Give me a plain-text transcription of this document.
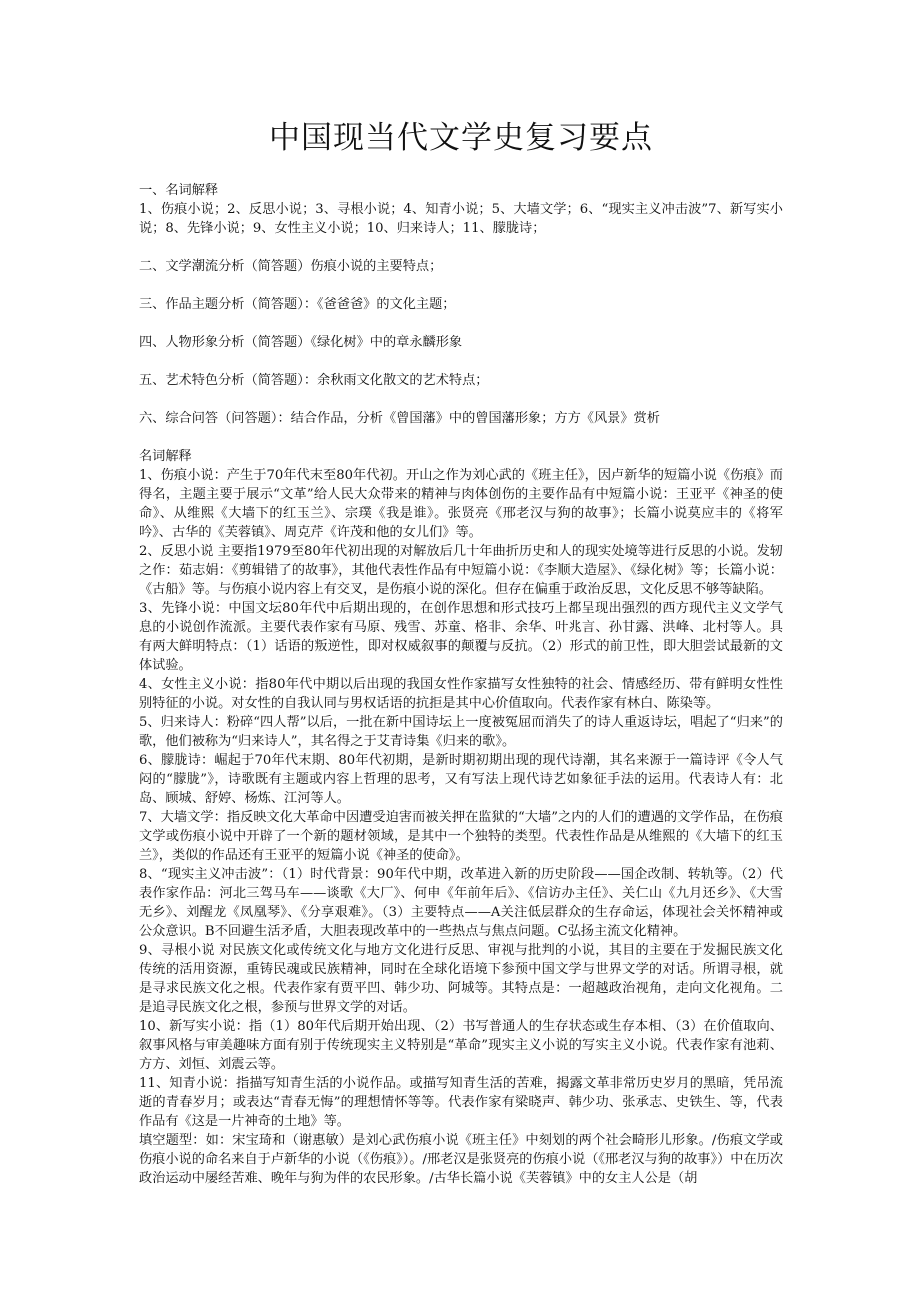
中国现当代文学史复习要点

一、名词解释

1、伤痕小说；2、反思小说；3、寻根小说；4、知青小说；5、大墙文学；6、“现实主义冲击波”7、新写实小说；8、先锋小说；9、女性主义小说；10、归来诗人；11、朦胧诗；

二、文学潮流分析（简答题）伤痕小说的主要特点；

三、作品主题分析（简答题）：《爸爸爸》的文化主题；

四、人物形象分析（简答题）《绿化树》中的章永麟形象

五、艺术特色分析（简答题）：余秋雨文化散文的艺术特点；

六、综合问答（问答题）：结合作品，分析《曾国藩》中的曾国藩形象；方方《风景》赏析

名词解释

1、伤痕小说：产生于70年代末至80年代初。开山之作为刘心武的《班主任》，因卢新华的短篇小说《伤痕》而得名，主题主要于展示“文革”给人民大众带来的精神与肉体创伤的主要作品有中短篇小说：王亚平《神圣的使命》、从维熙《大墙下的红玉兰》、宗璞《我是谁》。张贤亮《邢老汉与狗的故事》；长篇小说莫应丰的《将军吟》、古华的《芙蓉镇》、周克芹《许茂和他的女儿们》等。

2、反思小说 主要指1979至80年代初出现的对解放后几十年曲折历史和人的现实处境等进行反思的小说。发轫之作：茹志娟：《剪辑错了的故事》，其他代表性作品有中短篇小说：《李顺大造屋》、《绿化树》等；长篇小说：《古船》等。与伤痕小说内容上有交叉，是伤痕小说的深化。但存在偏重于政治反思，文化反思不够等缺陷。

3、先锋小说：中国文坛80年代中后期出现的，在创作思想和形式技巧上都呈现出强烈的西方现代主义文学气息的小说创作流派。主要代表作家有马原、残雪、苏童、格非、余华、叶兆言、孙甘露、洪峰、北村等人。具有两大鲜明特点：（1）话语的叛逆性，即对权威叙事的颠覆与反抗。（2）形式的前卫性，即大胆尝试最新的文体试验。

4、女性主义小说：指80年代中期以后出现的我国女性作家描写女性独特的社会、情感经历、带有鲜明女性性别特征的小说。对女性的自我认同与男权话语的抗拒是其中心价值取向。代表作家有林白、陈染等。

5、归来诗人：粉碎“四人帮”以后，一批在新中国诗坛上一度被冤屈而消失了的诗人重返诗坛，唱起了“归来”的歌，他们被称为“归来诗人”，其名得之于艾青诗集《归来的歌》。

6、朦胧诗：崛起于70年代末期、80年代初期，是新时期初期出现的现代诗潮，其名来源于一篇诗评《令人气闷的“朦胧”》，诗歌既有主题或内容上哲理的思考，又有写法上现代诗艺如象征手法的运用。代表诗人有：北岛、顾城、舒婷、杨炼、江河等人。

7、大墙文学：指反映文化大革命中因遭受迫害而被关押在监狱的“大墙”之内的人们的遭遇的文学作品，在伤痕文学或伤痕小说中开辟了一个新的题材领域，是其中一个独特的类型。代表性作品是从维熙的《大墙下的红玉兰》，类似的作品还有王亚平的短篇小说《神圣的使命》。

8、“现实主义冲击波”：（1）时代背景：90年代中期，改革进入新的历史阶段——国企改制、转轨等。（2）代表作家作品：河北三驾马车——谈歌《大厂》、何申《年前年后》、《信访办主任》、关仁山《九月还乡》、《大雪无乡》、刘醒龙《凤凰琴》、《分享艰难》。（3）主要特点——A关注低层群众的生存命运，体现社会关怀精神或公众意识。B不回避生活矛盾，大胆表现改革中的一些热点与焦点问题。C弘扬主流文化精神。

9、寻根小说 对民族文化或传统文化与地方文化进行反思、审视与批判的小说，其目的主要在于发掘民族文化传统的活用资源，重铸民魂或民族精神，同时在全球化语境下参预中国文学与世界文学的对话。所谓寻根，就是寻求民族文化之根。代表作家有贾平凹、韩少功、阿城等。其特点是：一超越政治视角，走向文化视角。二是追寻民族文化之根，参预与世界文学的对话。

10、新写实小说：指（1）80年代后期开始出现、（2）书写普通人的生存状态或生存本相、（3）在价值取向、叙事风格与审美趣味方面有别于传统现实主义特别是“革命”现实主义小说的写实主义小说。代表作家有池莉、方方、刘恒、刘震云等。

11、知青小说：指描写知青生活的小说作品。或描写知青生活的苦难，揭露文革非常历史岁月的黑暗，凭吊流逝的青春岁月；或表达“青春无悔”的理想情怀等等。代表作家有梁晓声、韩少功、张承志、史铁生、等，代表作品有《这是一片神奇的土地》等。

填空题型：如：宋宝琦和（谢惠敏）是刘心武伤痕小说《班主任》中刻划的两个社会畸形儿形象。/伤痕文学或伤痕小说的命名来自于卢新华的小说（《伤痕》）。/邢老汉是张贤亮的伤痕小说（《邢老汉与狗的故事》）中在历次政治运动中屡经苦难、晚年与狗为伴的农民形象。/古华长篇小说《芙蓉镇》中的女主人公是（胡
